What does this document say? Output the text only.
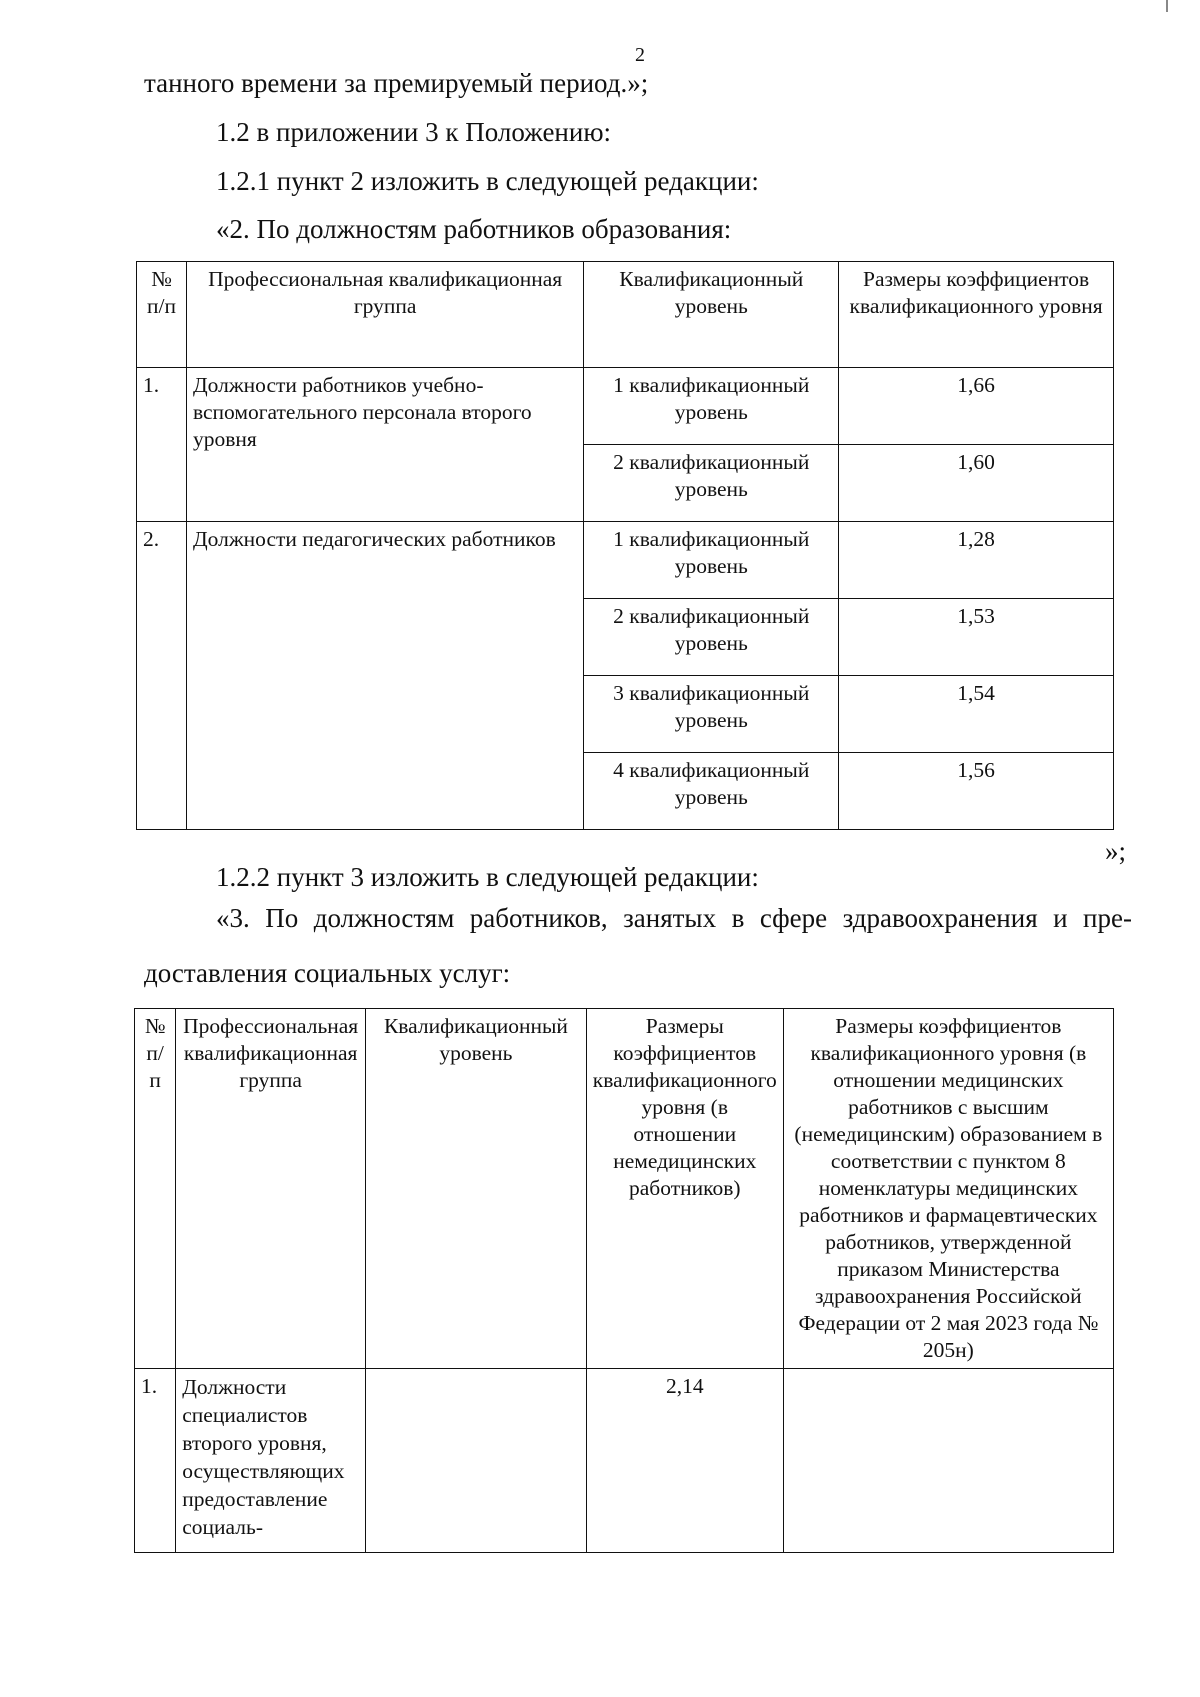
2
танного времени за премируемый период.»;
1.2 в приложении 3 к Положению:
1.2.1 пункт 2 изложить в следующей редакции:
«2. По должностям работников образования:
№ п/п	Профессиональная квалификационная группа	Квалификационный уровень	Размеры коэффициентов квалификационного уровня
1.	Должности работников учебно-вспомогательного персонала второго уровня	1 квалификационный уровень	1,66
		2 квалификационный уровень	1,60
2.	Должности педагогических работников	1 квалификационный уровень	1,28
		2 квалификационный уровень	1,53
		3 квалификационный уровень	1,54
		4 квалификационный уровень	1,56
»;
1.2.2 пункт 3 изложить в следующей редакции:
«3. По должностям работников, занятых в сфере здравоохранения и пре-
доставления социальных услуг:
№ п/п	Профессиональная квалификационная группа	Квалификационный уровень	Размеры коэффициентов квалификационного уровня (в отношении немедицинских работников)	Размеры коэффициентов квалификационного уровня (в отношении медицинских работников с высшим (немедицинским) образованием в соответствии с пунктом 8 номенклатуры медицинских работников и фармацевтических работников, утвержденной приказом Министерства здравоохранения Российской Федерации от 2 мая 2023 года № 205н)
1.	Должности специалистов второго уровня, осуществляющих предоставление социаль-		2,14	
